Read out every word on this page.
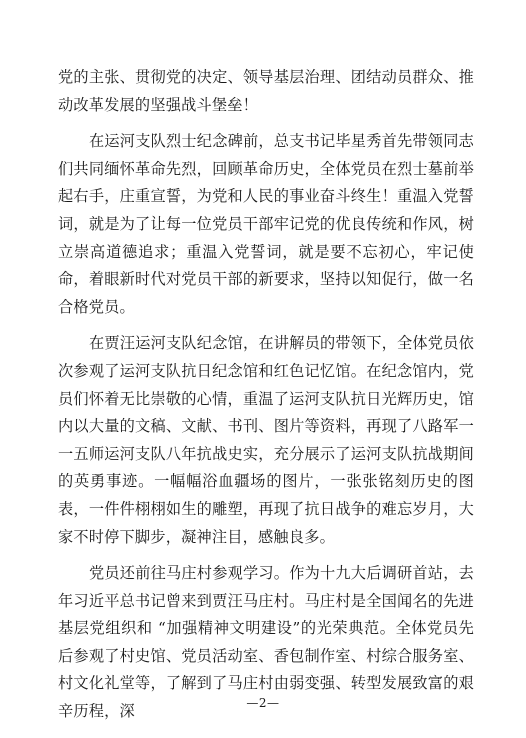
党的主张、贯彻党的决定、领导基层治理、团结动员群众、推动改革发展的坚强战斗堡垒！

在运河支队烈士纪念碑前，总支书记毕星秀首先带领同志们共同缅怀革命先烈，回顾革命历史，全体党员在烈士墓前举起右手，庄重宣誓，为党和人民的事业奋斗终生！重温入党誓词，就是为了让每一位党员干部牢记党的优良传统和作风，树立崇高道德追求；重温入党誓词，就是要不忘初心，牢记使命，着眼新时代对党员干部的新要求，坚持以知促行，做一名合格党员。

在贾汪运河支队纪念馆，在讲解员的带领下，全体党员依次参观了运河支队抗日纪念馆和红色记忆馆。在纪念馆内，党员们怀着无比崇敬的心情，重温了运河支队抗日光辉历史，馆内以大量的文稿、文献、书刊、图片等资料，再现了八路军一一五师运河支队八年抗战史实，充分展示了运河支队抗战期间的英勇事迹。一幅幅浴血疆场的图片，一张张铭刻历史的图表，一件件栩栩如生的雕塑，再现了抗日战争的难忘岁月，大家不时停下脚步，凝神注目，感触良多。

党员还前往马庄村参观学习。作为十九大后调研首站，去年习近平总书记曾来到贾汪马庄村。马庄村是全国闻名的先进基层党组织和 “加强精神文明建设”的光荣典范。全体党员先后参观了村史馆、党员活动室、香包制作室、村综合服务室、村文化礼堂等，了解到了马庄村由弱变强、转型发展致富的艰辛历程，深	—2—
